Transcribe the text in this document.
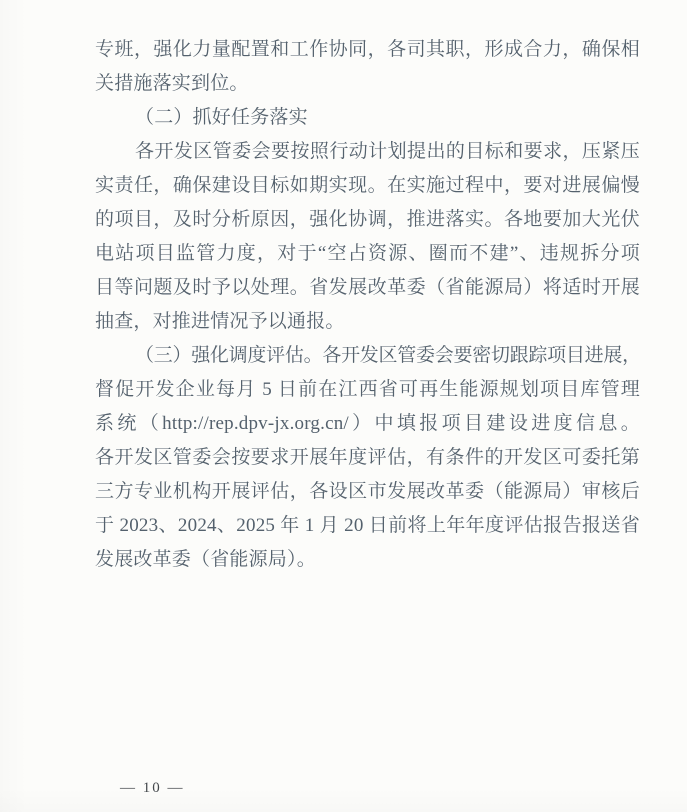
专班，强化力量配置和工作协同，各司其职，形成合力，确保相
关措施落实到位。
（二）抓好任务落实
各开发区管委会要按照行动计划提出的目标和要求，压紧压
实责任，确保建设目标如期实现。在实施过程中，要对进展偏慢
的项目，及时分析原因，强化协调，推进落实。各地要加大光伏
电站项目监管力度，对于“空占资源、圈而不建”、违规拆分项
目等问题及时予以处理。省发展改革委（省能源局）将适时开展
抽查，对推进情况予以通报。
（三）强化调度评估。各开发区管委会要密切跟踪项目进展，
督促开发企业每月 5 日前在江西省可再生能源规划项目库管理
系统（http://rep.dpv-jx.org.cn/）中填报项目建设进度信息。
各开发区管委会按要求开展年度评估，有条件的开发区可委托第
三方专业机构开展评估，各设区市发展改革委（能源局）审核后
于 2023、2024、2025 年 1 月 20 日前将上年年度评估报告报送省
发展改革委（省能源局）。
— 10 —
